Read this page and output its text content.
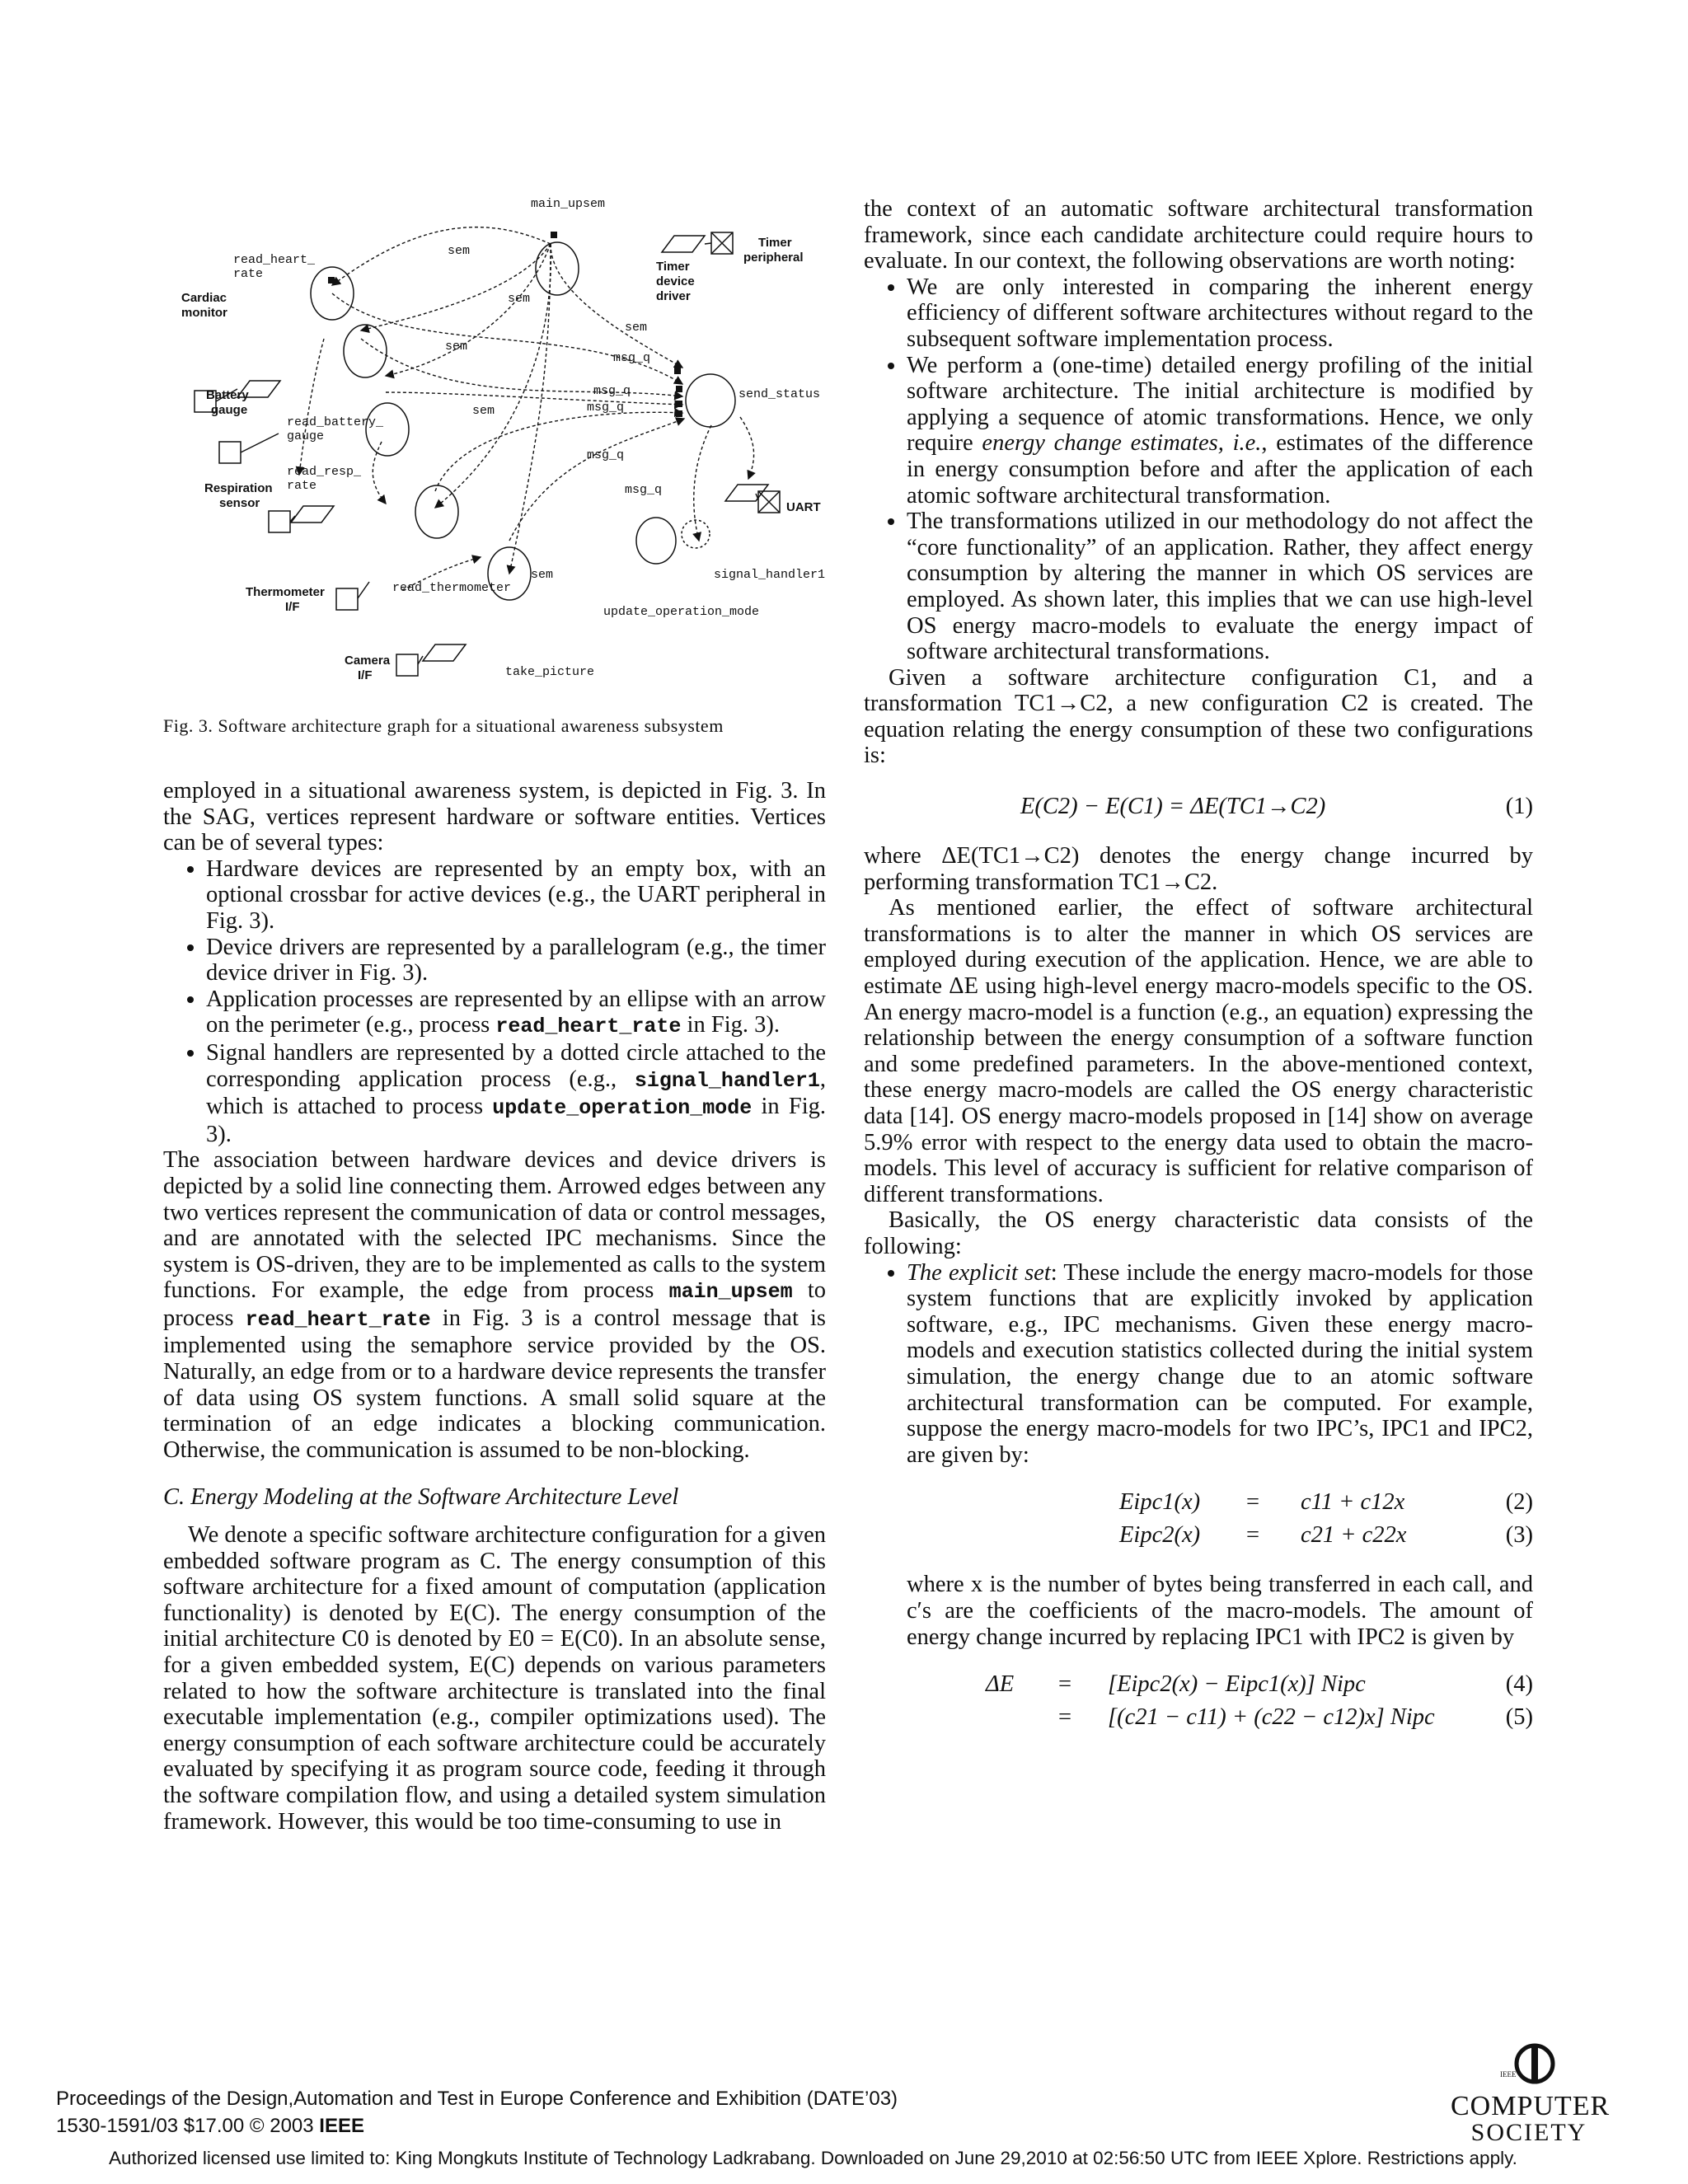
main_upsem
read_heart_
rate
read_battery_
gauge
read_resp_
rate
read_thermometer
take_picture
send_status
signal_handler1
update_operation_mode
sem
sem
sem
sem
sem
sem
msg_q
msg_q
msg_q
msg_q
msg_q
Cardiac
monitor
Battery
gauge
Respiration
sensor
Thermometer
I/F
Camera
I/F
Timer
peripheral
Timer
device
driver
UART
Fig. 3. Software architecture graph for a situational awareness subsystem

employed in a situational awareness system, is depicted in Fig. 3. In the SAG, vertices represent hardware or software entities. Vertices can be of several types:

• Hardware devices are represented by an empty box, with an optional crossbar for active devices (e.g., the UART peripheral in Fig. 3).
• Device drivers are represented by a parallelogram (e.g., the timer device driver in Fig. 3).
• Application processes are represented by an ellipse with an arrow on the perimeter (e.g., process read_heart_rate in Fig. 3).
• Signal handlers are represented by a dotted circle attached to the corresponding application process (e.g., signal_handler1, which is attached to process update_operation_mode in Fig. 3).

The association between hardware devices and device drivers is depicted by a solid line connecting them. Arrowed edges between any two vertices represent the communication of data or control messages, and are annotated with the selected IPC mechanisms. Since the system is OS-driven, they are to be implemented as calls to the system functions. For example, the edge from process main_upsem to process read_heart_rate in Fig. 3 is a control message that is implemented using the semaphore service provided by the OS. Naturally, an edge from or to a hardware device represents the transfer of data using OS system functions. A small solid square at the termination of an edge indicates a blocking communication. Otherwise, the communication is assumed to be non-blocking.

C. Energy Modeling at the Software Architecture Level

We denote a specific software architecture configuration for a given embedded software program as C. The energy consumption of this software architecture for a fixed amount of computation (application functionality) is denoted by E(C). The energy consumption of the initial architecture C0 is denoted by E0 = E(C0). In an absolute sense, for a given embedded system, E(C) depends on various parameters related to how the software architecture is translated into the final executable implementation (e.g., compiler optimizations used). The energy consumption of each software architecture could be accurately evaluated by specifying it as program source code, feeding it through the software compilation flow, and using a detailed system simulation framework. However, this would be too time-consuming to use in

the context of an automatic software architectural transformation framework, since each candidate architecture could require hours to evaluate. In our context, the following observations are worth noting:

• We are only interested in comparing the inherent energy efficiency of different software architectures without regard to the subsequent software implementation process.
• We perform a (one-time) detailed energy profiling of the initial software architecture. The initial architecture is modified by applying a sequence of atomic transformations. Hence, we only require energy change estimates, i.e., estimates of the difference in energy consumption before and after the application of each atomic software architectural transformation.
• The transformations utilized in our methodology do not affect the “core functionality” of an application. Rather, they affect energy consumption by altering the manner in which OS services are employed. As shown later, this implies that we can use high-level OS energy macro-models to evaluate the energy impact of software architectural transformations.

Given a software architecture configuration C1, and a transformation TC1→C2, a new configuration C2 is created. The equation relating the energy consumption of these two configurations is:

E(C2) − E(C1) = ΔE(TC1→C2)	(1)

where ΔE(TC1→C2) denotes the energy change incurred by performing transformation TC1→C2.

As mentioned earlier, the effect of software architectural transformations is to alter the manner in which OS services are employed during execution of the application. Hence, we are able to estimate ΔE using high-level energy macro-models specific to the OS. An energy macro-model is a function (e.g., an equation) expressing the relationship between the energy consumption of a software function and some predefined parameters. In the above-mentioned context, these energy macro-models are called the OS energy characteristic data [14]. OS energy macro-models proposed in [14] show on average 5.9% error with respect to the energy data used to obtain the macro-models. This level of accuracy is sufficient for relative comparison of different transformations.

Basically, the OS energy characteristic data consists of the following:

• The explicit set: These include the energy macro-models for those system functions that are explicitly invoked by application software, e.g., IPC mechanisms. Given these energy macro-models and execution statistics collected during the initial system simulation, the energy change due to an atomic software architectural transformation can be computed. For example, suppose the energy macro-models for two IPC’s, IPC1 and IPC2, are given by:
Eipc1(x) = c11 + c12x	(2)
Eipc2(x) = c21 + c22x	(3)

where x is the number of bytes being transferred in each call, and c′s are the coefficients of the macro-models. The amount of energy change incurred by replacing IPC1 with IPC2 is given by

ΔE = [Eipc2(x) − Eipc1(x)] Nipc	(4)
= [(c21 − c11) + (c22 − c12)x] Nipc	(5)
Proceedings of the Design,Automation and Test in Europe Conference and Exhibition (DATE’03)
1530-1591/03 $17.00 © 2003 IEEE
Authorized licensed use limited to: King Mongkuts Institute of Technology Ladkrabang. Downloaded on June 29,2010 at 02:56:50 UTC from IEEE Xplore. Restrictions apply.
IEEE
COMPUTER
SOCIETY
